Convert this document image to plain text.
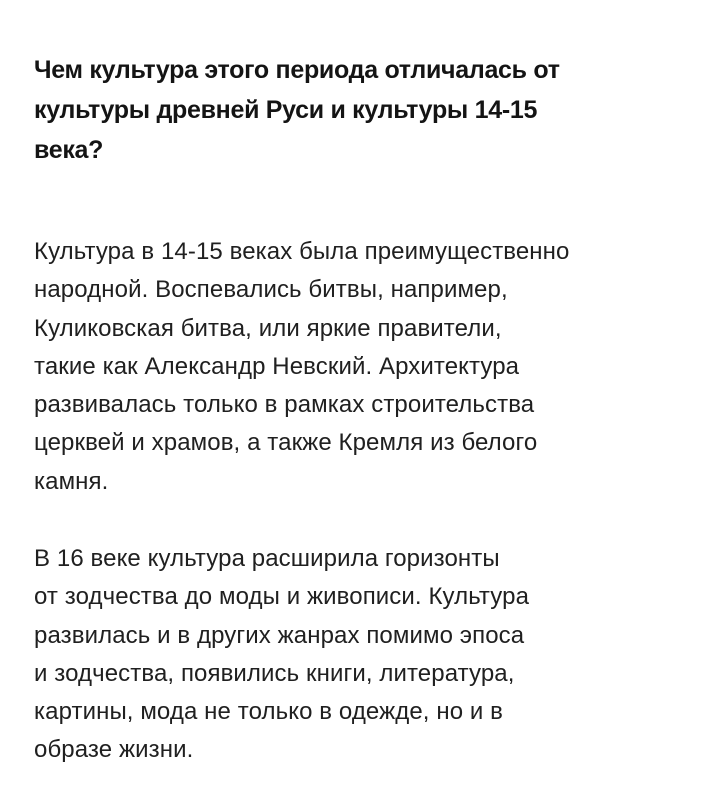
Чем культура этого периода отличалась от
культуры древней Руси и культуры 14-15
века?

Культура в 14-15 веках была преимущественно
народной. Воспевались битвы, например,
Куликовская битва, или яркие правители,
такие как Александр Невский. Архитектура
развивалась только в рамках строительства
церквей и храмов, а также Кремля из белого
камня.

В 16 веке культура расширила горизонты
от зодчества до моды и живописи. Культура
развилась и в других жанрах помимо эпоса
и зодчества, появились книги, литература,
картины, мода не только в одежде, но и в
образе жизни.
